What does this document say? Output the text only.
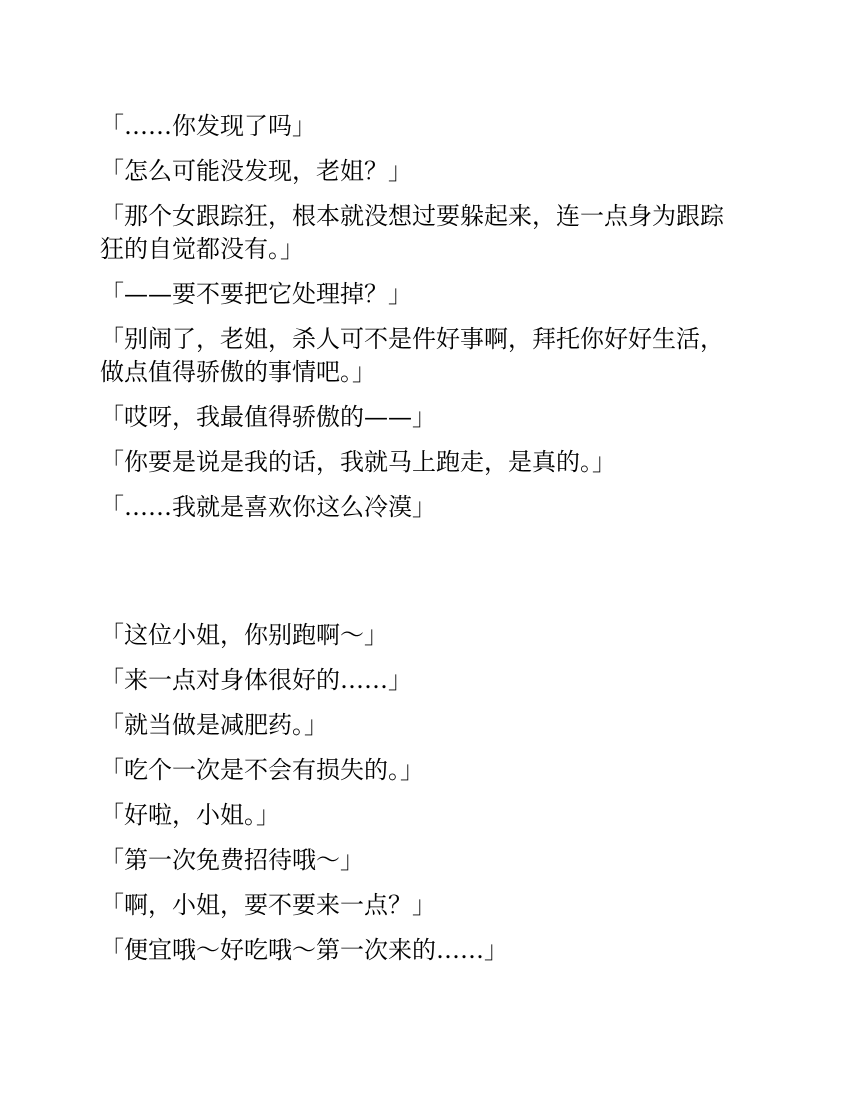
「……你发现了吗」

「怎么可能没发现，老姐？」

「那个女跟踪狂，根本就没想过要躲起来，连一点身为跟踪狂的自觉都没有。」

「——要不要把它处理掉？」

「别闹了，老姐，杀人可不是件好事啊，拜托你好好生活，做点值得骄傲的事情吧。」

「哎呀，我最值得骄傲的——」

「你要是说是我的话，我就马上跑走，是真的。」

「……我就是喜欢你这么冷漠」

「这位小姐，你别跑啊～」

「来一点对身体很好的……」

「就当做是减肥药。」

「吃个一次是不会有损失的。」

「好啦，小姐。」

「第一次免费招待哦～」

「啊，小姐，要不要来一点？」

「便宜哦～好吃哦～第一次来的……」
